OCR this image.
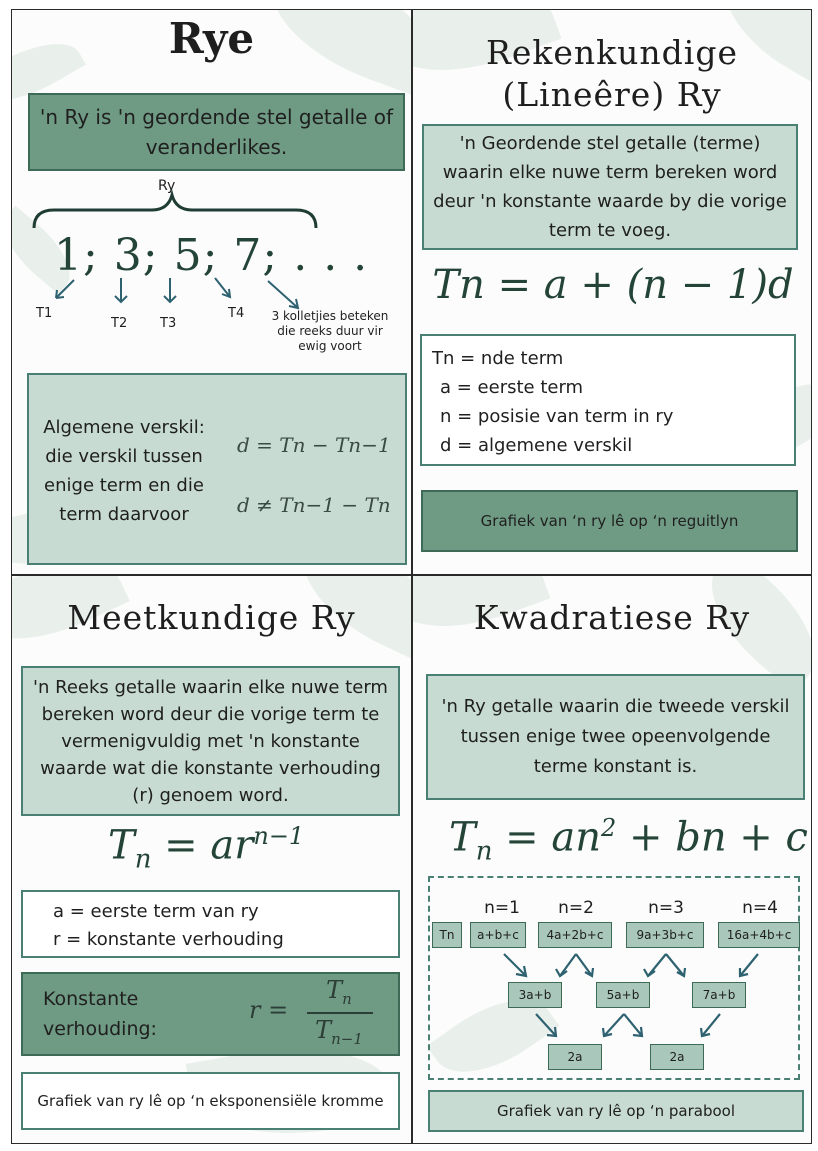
Rye
'n Ry is 'n geordende stel getalle of veranderlikes.
Ry
1; 3; 5; 7; . . .
T1
T2	T3
T4 3 kolletjies beteken die reeks duur vir ewig voort
Algemene verskil: die verskil tussen enige term en die term daarvoor
d = Tn − Tn−1
d ≠ Tn−1 − Tn
Rekenkundige
(Lineêre) Ry
'n Geordende stel getalle (terme) waarin elke nuwe term bereken word deur 'n konstante waarde by die vorige term te voeg.
Tn = a + (n − 1)d
Tn = nde term
a = eerste term
n = posisie van term in ry
d = algemene verskil
Grafiek van ‘n ry lê op ‘n reguitlyn
Meetkundige Ry
'n Reeks getalle waarin elke nuwe term bereken word deur die vorige term te vermenigvuldig met 'n konstante waarde wat die konstante verhouding (r) genoem word.
$T_n = ar^{n-1}$
a = eerste term van ry
r = konstante verhouding
Konstante verhouding:
r =
$T_n$
$T_{n-1}$
Grafiek van ry lê op ‘n eksponensiële kromme
Kwadratiese Ry
'n Ry getalle waarin die tweede verskil tussen enige twee opeenvolgende terme konstant is.
$T_n = an^2$ + bn + c
n=1	n=2	n=3	n=4
Tn	a+b+c	4a+2b+c	9a+3b+c	16a+4b+c
3a+b	5a+b	7a+b
2a	2a
Grafiek van ry lê op ‘n parabool
